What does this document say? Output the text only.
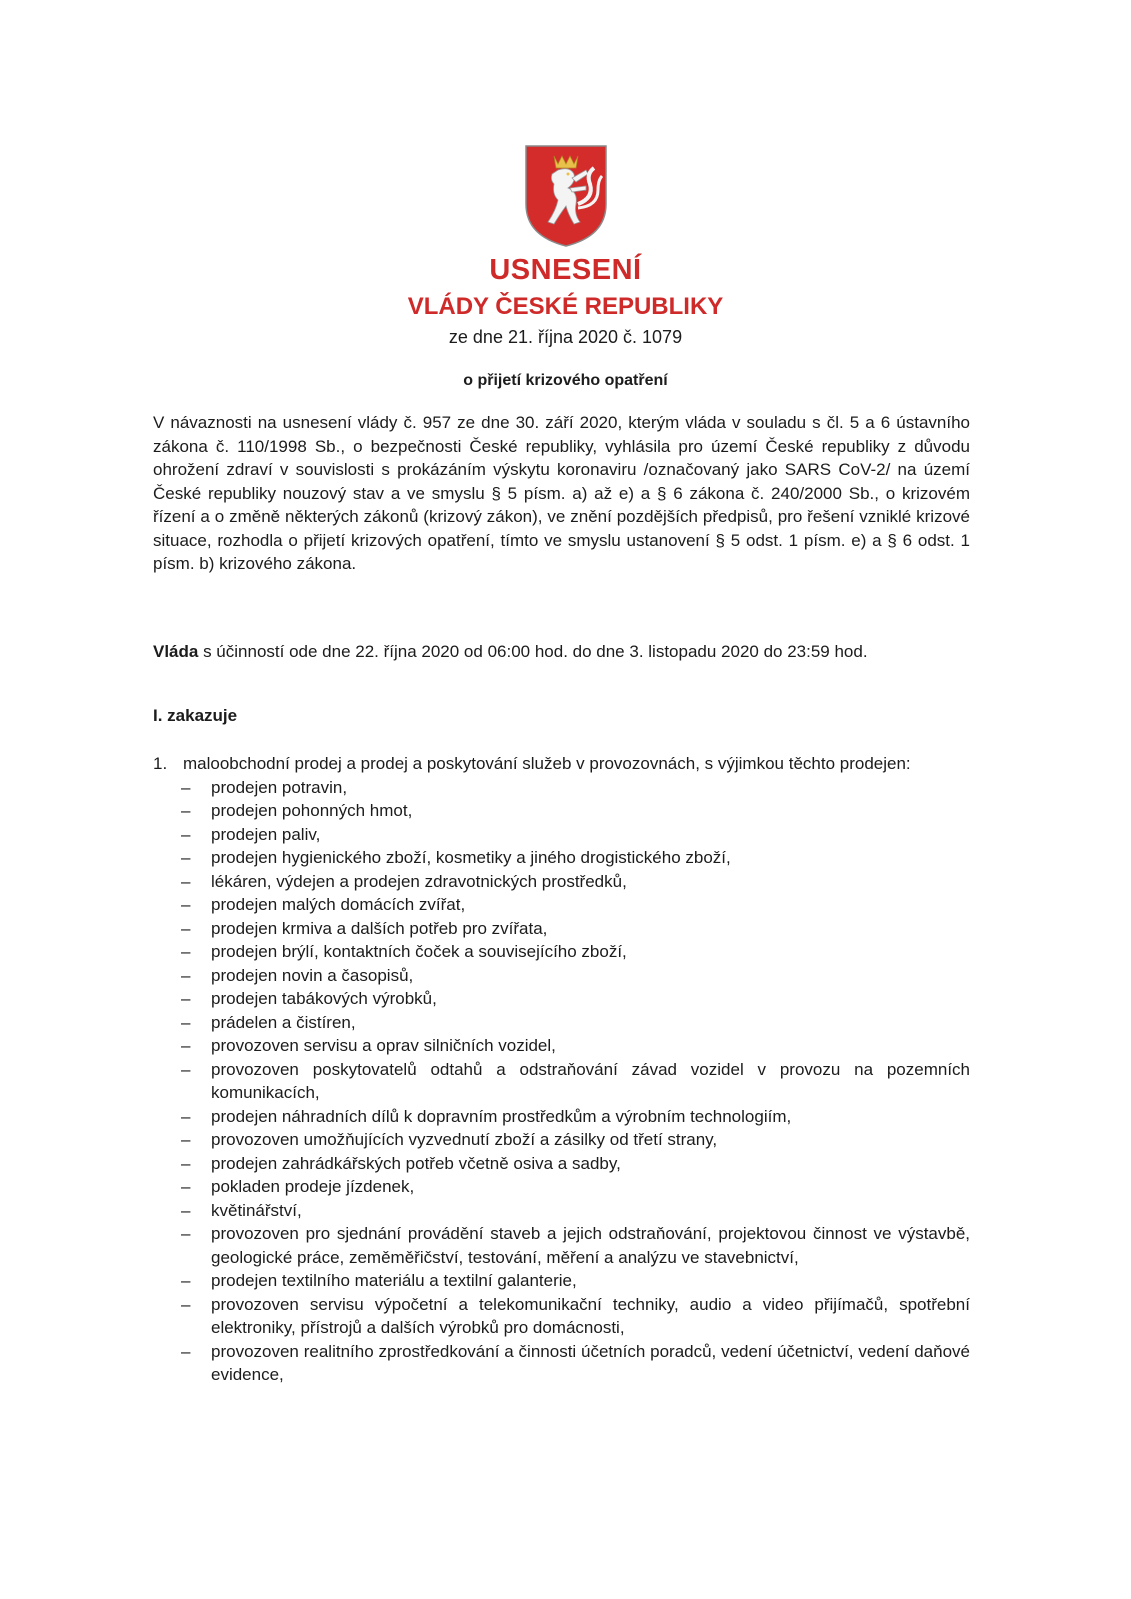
USNESENÍ
VLÁDY ČESKÉ REPUBLIKY
ze dne 21. října 2020 č. 1079
o přijetí krizového opatření

V návaznosti na usnesení vlády č. 957 ze dne 30. září 2020, kterým vláda v souladu s čl. 5 a 6 ústavního zákona č. 110/1998 Sb., o bezpečnosti České republiky, vyhlásila pro území České republiky z důvodu ohrožení zdraví v souvislosti s prokázáním výskytu koronaviru /označovaný jako SARS CoV-2/ na území České republiky nouzový stav a ve smyslu § 5 písm. a) až e) a § 6 zákona č. 240/2000 Sb., o krizovém řízení a o změně některých zákonů (krizový zákon), ve znění pozdějších předpisů, pro řešení vzniklé krizové situace, rozhodla o přijetí krizových opatření, tímto ve smyslu ustanovení § 5 odst. 1 písm. e) a § 6 odst. 1 písm. b) krizového zákona.

Vláda s účinností ode dne 22. října 2020 od 06:00 hod. do dne 3. listopadu 2020 do 23:59 hod.

I. zakazuje
1. maloobchodní prodej a prodej a poskytování služeb v provozovnách, s výjimkou těchto prodejen:
– prodejen potravin,
– prodejen pohonných hmot,
– prodejen paliv,
– prodejen hygienického zboží, kosmetiky a jiného drogistického zboží,
– lékáren, výdejen a prodejen zdravotnických prostředků,
– prodejen malých domácích zvířat,
– prodejen krmiva a dalších potřeb pro zvířata,
– prodejen brýlí, kontaktních čoček a souvisejícího zboží,
– prodejen novin a časopisů,
– prodejen tabákových výrobků,
– prádelen a čistíren,
– provozoven servisu a oprav silničních vozidel,
– provozoven poskytovatelů odtahů a odstraňování závad vozidel v provozu na pozemních komunikacích,
– prodejen náhradních dílů k dopravním prostředkům a výrobním technologiím,
– provozoven umožňujících vyzvednutí zboží a zásilky od třetí strany,
– prodejen zahrádkářských potřeb včetně osiva a sadby,
– pokladen prodeje jízdenek,
– květinářství,
– provozoven pro sjednání provádění staveb a jejich odstraňování, projektovou činnost ve výstavbě, geologické práce, zeměměřičství, testování, měření a analýzu ve stavebnictví,
– prodejen textilního materiálu a textilní galanterie,
– provozoven servisu výpočetní a telekomunikační techniky, audio a video přijímačů, spotřební elektroniky, přístrojů a dalších výrobků pro domácnosti,
– provozoven realitního zprostředkování a činnosti účetních poradců, vedení účetnictví, vedení daňové evidence,
